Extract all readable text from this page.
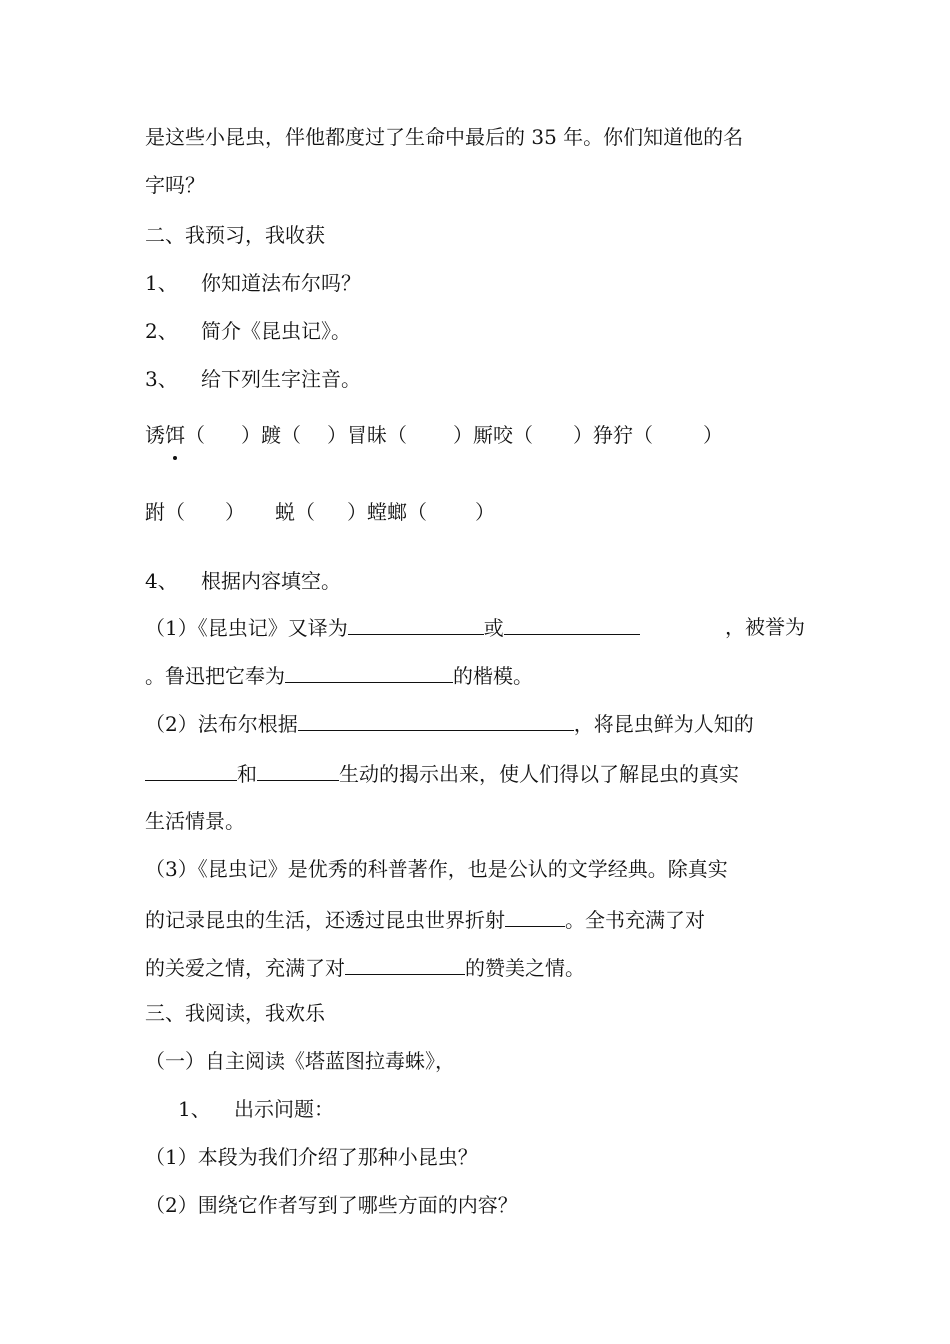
是这些小昆虫，伴他都度过了生命中最后的 35 年。你们知道他的名
字吗？
二、我预习，我收获
1、 你知道法布尔吗？
2、 简介《昆虫记》。
3、 给下列生字注音。
诱饵（ ）踱（ ）冒昧（ ）厮咬（ ）狰狞（	）
跗（ ） 蜕（ ）螳螂（ ）
4、 根据内容填空。
（1）《昆虫记》又译为	或	，被誉为
。鲁迅把它奉为	的楷模。
（2）法布尔根据	，将昆虫鲜为人知的
和	生动的揭示出来，使人们得以了解昆虫的真实
生活情景。
（3）《昆虫记》是优秀的科普著作，也是公认的文学经典。除真实
的记录昆虫的生活，还透过昆虫世界折射	。全书充满了对
的关爱之情，充满了对	的赞美之情。
三、我阅读，我欢乐
（一）自主阅读《塔蓝图拉毒蛛》，
1、 出示问题：
（1）本段为我们介绍了那种小昆虫？
（2）围绕它作者写到了哪些方面的内容？
